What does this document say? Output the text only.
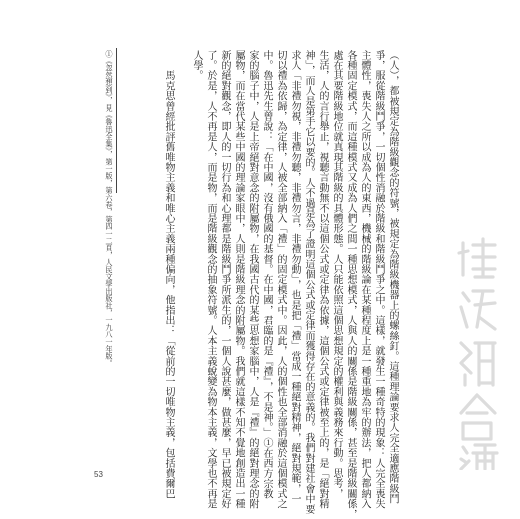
（人），都被規定為階級觀念的符號，被規定為階級機器上的螺絲釘。這種理論要求人完全適應階級鬥
爭，服從階級鬥爭，一切個性消融於階級和階級鬥爭之中。這樣，就發生一種奇特的現象：人完全喪失
主體性，喪失人之所以成為人的東西，機械的階級論在某種程度上是一種重地為牢的辦法，把人都納入
各種固定模式，而這種模式又成為人們之間一種思想模式，人與人的關係是階級關係，甚至是階級關係，
處在其要階級地位就真現其階級的具體形態。人只能依照這個思想規定的權利與義務來行動。思考，
生活，人的言行舉止，視聽言動無不以這個公式或定律為依據，這個公式或定律被至上的，是「絕對精
神」，而人是第手它以要的。人不過是為了證明這個公式或定律而獲得存在的意義的。我們對建社會中要
求人「非禮勿視，非禮勿聽，非禮勿言，非禮勿動」，也是把「禮」當成一種絕對精神，絕對規範，一
切以禮為依歸，為定律，人被全部納入「禮」的固定模式中。因此，人的個性也全部消融於這個模式之
中。魯迅先生曾說：「在中國，沒有俄國的基督。在中國，君臨的是『禮』，不是神。」①在西方宗教
家的腦子中，人是上帝絕對意念的附屬物，在我國古代的某些思想家腦中，人是『禮』的絕對理念的附
屬物，而在當代某些中國的理論家眼中，人則是階級理念的附屬物。我們就這樣不知不覺地創造出一種
新的絕對觀念，即人的一切行為和心理都是階級鬥爭所派生的，一個人說甚麼，做甚麼，早已被規定好
了。於是，人不再是人，而是物，而是階級觀念的抽象符號。人本主義蛻變為物本主義，文學也不再是
人學。
　　馬克思曾經批評舊唯物主義和唯心主義兩種偏向，他指出：「從前的一切唯物主義，包括費爾巴
①《忽然想到》，見《魯迅全集》，第一版，第六卷，第四一二頁，人民文學出版社，一九八一年版。
53
